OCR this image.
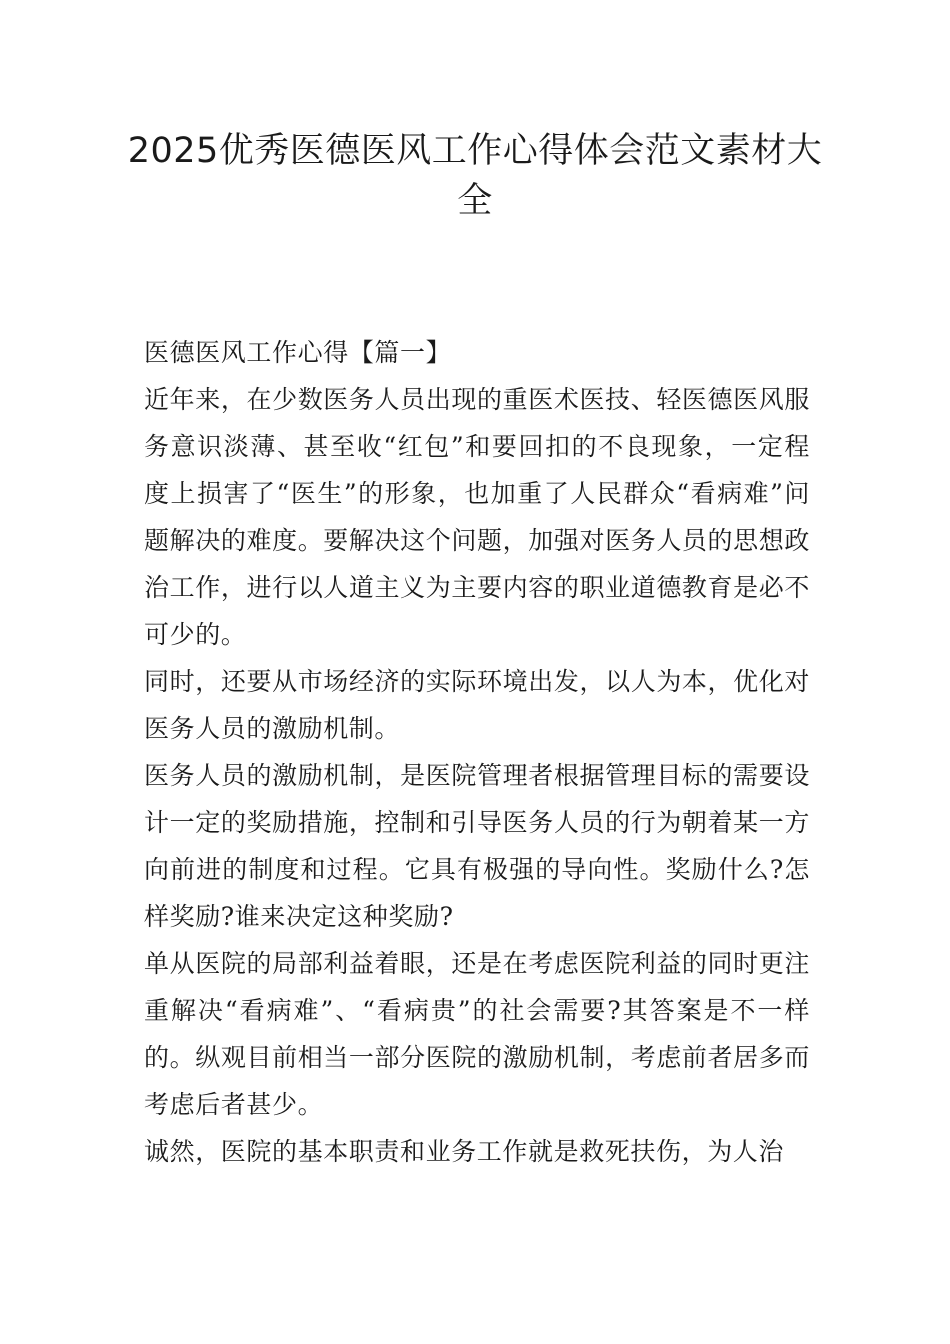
2025优秀医德医风工作心得体会范文素材大全

医德医风工作心得【篇一】

近年来，在少数医务人员出现的重医术医技、轻医德医风服务意识淡薄、甚至收“红包”和要回扣的不良现象，一定程度上损害了“医生”的形象，也加重了人民群众“看病难”问题解决的难度。要解决这个问题，加强对医务人员的思想政治工作，进行以人道主义为主要内容的职业道德教育是必不可少的。

同时，还要从市场经济的实际环境出发，以人为本，优化对医务人员的激励机制。

医务人员的激励机制，是医院管理者根据管理目标的需要设计一定的奖励措施，控制和引导医务人员的行为朝着某一方向前进的制度和过程。它具有极强的导向性。奖励什么?怎样奖励?谁来决定这种奖励?

单从医院的局部利益着眼，还是在考虑医院利益的同时更注重解决“看病难”、“看病贵”的社会需要?其答案是不一样的。纵观目前相当一部分医院的激励机制，考虑前者居多而考虑后者甚少。

诚然，医院的基本职责和业务工作就是救死扶伤，为人治
